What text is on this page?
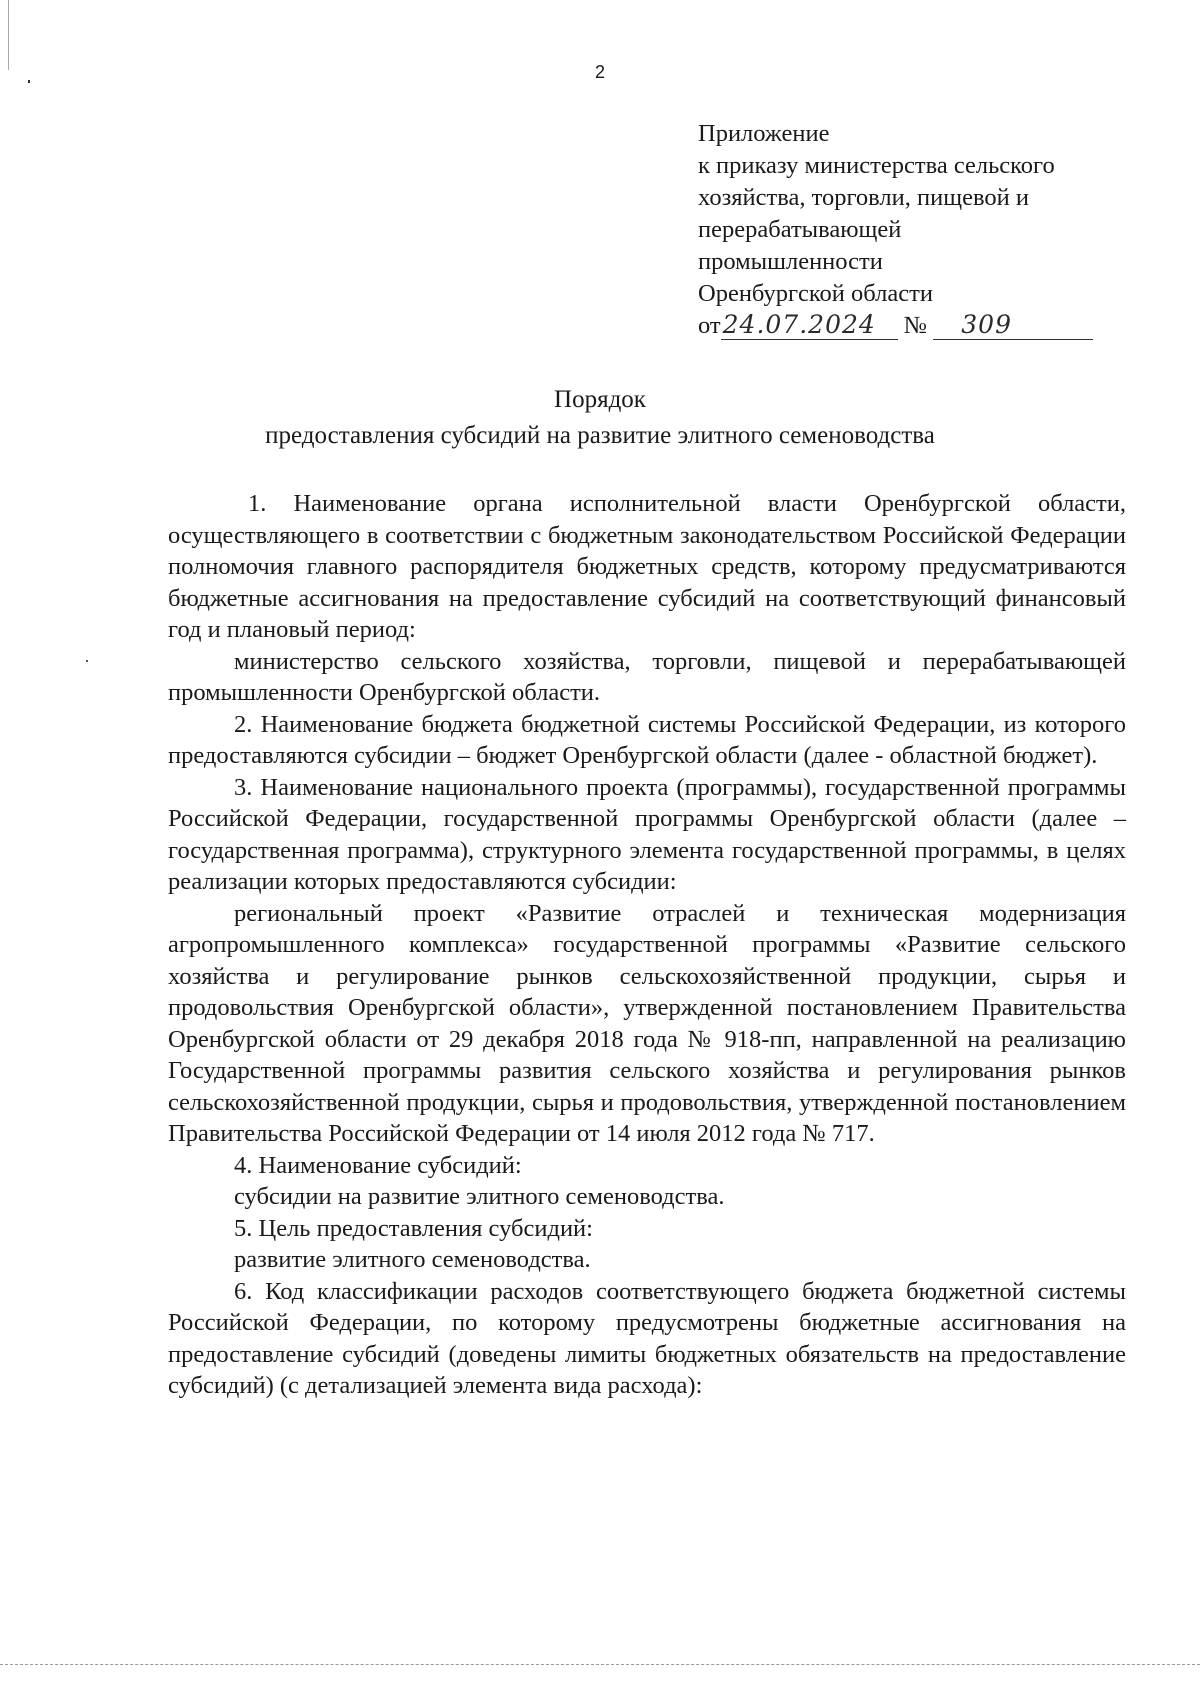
2
Приложение
к приказу министерства сельского
хозяйства, торговли, пищевой и
перерабатывающей
промышленности
Оренбургской области
от24.07.2024 № 309
Порядок
предоставления субсидий на развитие элитного семеноводства

1. Наименование органа исполнительной власти Оренбургской области, осуществляющего в соответствии с бюджетным законодательством Российской Федерации полномочия главного распорядителя бюджетных средств, которому предусматриваются бюджетные ассигнования на предоставление субсидий на соответствующий финансовый год и плановый период:

министерство сельского хозяйства, торговли, пищевой и перерабатывающей промышленности Оренбургской области.

2. Наименование бюджета бюджетной системы Российской Федерации, из которого предоставляются субсидии – бюджет Оренбургской области (далее - областной бюджет).

3. Наименование национального проекта (программы), государственной программы Российской Федерации, государственной программы Оренбургской области (далее – государственная программа), структурного элемента государственной программы, в целях реализации которых предоставляются субсидии:

региональный проект «Развитие отраслей и техническая модернизация агропромышленного комплекса» государственной программы «Развитие сельского хозяйства и регулирование рынков сельскохозяйственной продукции, сырья и продовольствия Оренбургской области», утвержденной постановлением Правительства Оренбургской области от 29 декабря 2018 года № 918-пп, направленной на реализацию Государственной программы развития сельского хозяйства и регулирования рынков сельскохозяйственной продукции, сырья и продовольствия, утвержденной постановлением Правительства Российской Федерации от 14 июля 2012 года № 717.

4. Наименование субсидий:

субсидии на развитие элитного семеноводства.

5. Цель предоставления субсидий:

развитие элитного семеноводства.

6. Код классификации расходов соответствующего бюджета бюджетной системы Российской Федерации, по которому предусмотрены бюджетные ассигнования на предоставление субсидий (доведены лимиты бюджетных обязательств на предоставление субсидий) (с детализацией элемента вида расхода):
